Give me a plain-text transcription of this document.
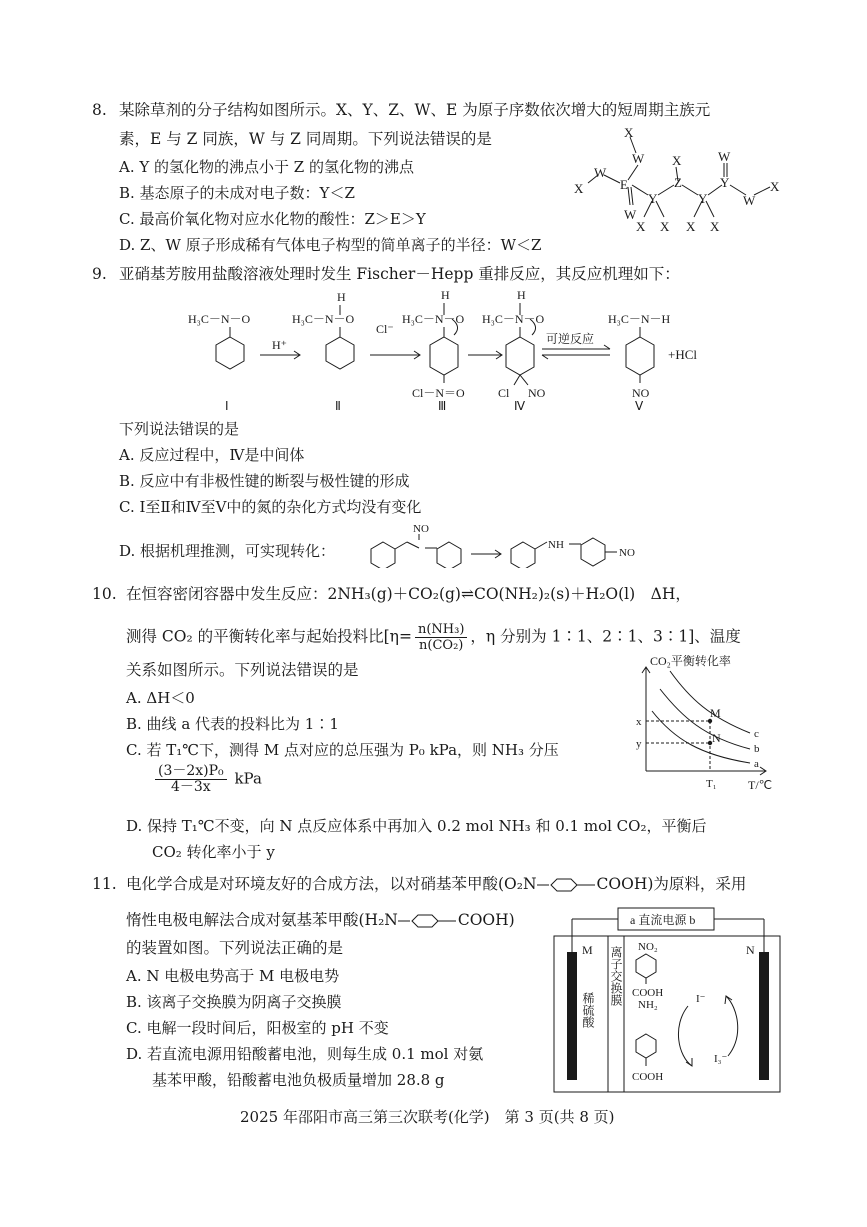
8. 某除草剂的分子结构如图所示。X、Y、Z、W、E 为原子序数依次增大的短周期主族元
素，E 与 Z 同族，W 与 Z 同周期。下列说法错误的是
A. Y 的氢化物的沸点小于 Z 的氢化物的沸点
B. 基态原子的未成对电子数：Y＜Z
C. 最高价氧化物对应水化物的酸性：Z＞E＞Y
D. Z、W 原子形成稀有气体电子构型的简单离子的半径：W＜Z
X
W
X
W
E
W
Y
X X
X
Z
Y
X X
W
Y
W
X
9. 亚硝基芳胺用盐酸溶液处理时发生 Fischer－Hepp 重排反应，其反应机理如下：
H₃C－N－O
H⁺
H
H₃C－N－O
Cl⁻
H
H₃C－N－O
Cl－N＝O
H
H₃C－N－O
Cl NO
可逆反应
H₃C－N－H
NO
+HCl
Ⅰ	Ⅱ	Ⅲ	Ⅳ	Ⅴ
下列说法错误的是
A. 反应过程中，Ⅳ是中间体
B. 反应中有非极性键的断裂与极性键的形成
C. Ⅰ至Ⅱ和Ⅳ至Ⅴ中的氮的杂化方式均没有变化
D. 根据机理推测，可实现转化：
NO
NH
NO
10. 在恒容密闭容器中发生反应：2NH₃(g)＋CO₂(g)⇌CO(NH₂)₂(s)＋H₂O(l)　ΔH，
测得 CO₂ 的平衡转化率与起始投料比[$\eta= \frac{\text{n(NH₃)}}{\text{n(CO₂)}}$ ，η 分别为 1∶1、2∶1、3∶1]、温度
关系如图所示。下列说法错误的是
A. ΔH＜0
B. 曲线 a 代表的投料比为 1∶1
C. 若 T₁℃下，测得 M 点对应的总压强为 P₀ kPa，则 NH₃ 分压
$\frac{\text{(3－2x)P₀}}{4-3x}$ kPa
D. 保持 T₁℃不变，向 N 点反应体系中再加入 0.2 mol NH₃ 和 0.1 mol CO₂，平衡后
CO₂ 转化率小于 y
CO₂平衡转化率
T/℃
T₁
x
y
c
b
a
M
N
11. 电化学合成是对环境友好的合成方法，以对硝基苯甲酸(O₂N	COOH)为原料，采用
惰性电极电解法合成对氨基苯甲酸(H₂N	COOH)
的装置如图。下列说法正确的是
A. N 电极电势高于 M 电极电势
B. 该离子交换膜为阴离子交换膜
C. 电解一段时间后，阳极室的 pH 不变
D. 若直流电源用铅酸蓄电池，则每生成 0.1 mol 对氨
基苯甲酸，铅酸蓄电池负极质量增加 28.8 g
a 直流电源 b
M	N
稀硫酸
离子交换膜 NO₂
COOH
NH₂
COOH
I⁻
I₃⁻
2025 年邵阳市高三第三次联考(化学)　第 3 页(共 8 页)
